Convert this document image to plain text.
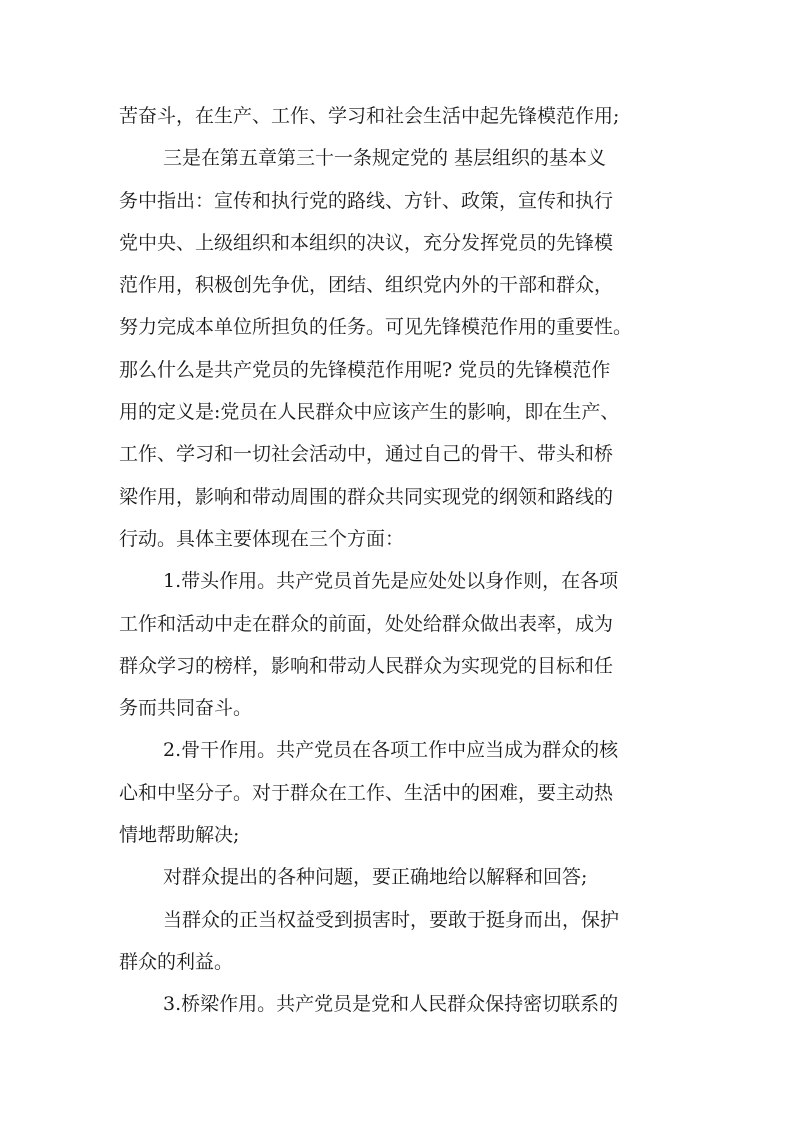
苦奋斗，在生产、工作、学习和社会生活中起先锋模范作用;
三是在第五章第三十一条规定党的 基层组织的基本义
务中指出：宣传和执行党的路线、方针、政策，宣传和执行
党中央、上级组织和本组织的决议，充分发挥党员的先锋模
范作用，积极创先争优，团结、组织党内外的干部和群众，
努力完成本单位所担负的任务。可见先锋模范作用的重要性。
那么什么是共产党员的先锋模范作用呢? 党员的先锋模范作
用的定义是:党员在人民群众中应该产生的影响，即在生产、
工作、学习和一切社会活动中，通过自己的骨干、带头和桥
梁作用，影响和带动周围的群众共同实现党的纲领和路线的
行动。具体主要体现在三个方面：
1.带头作用。共产党员首先是应处处以身作则，在各项
工作和活动中走在群众的前面，处处给群众做出表率，成为
群众学习的榜样，影响和带动人民群众为实现党的目标和任
务而共同奋斗。
2.骨干作用。共产党员在各项工作中应当成为群众的核
心和中坚分子。对于群众在工作、生活中的困难，要主动热
情地帮助解决;
对群众提出的各种问题，要正确地给以解释和回答;
当群众的正当权益受到损害时，要敢于挺身而出，保护
群众的利益。
3.桥梁作用。共产党员是党和人民群众保持密切联系的
